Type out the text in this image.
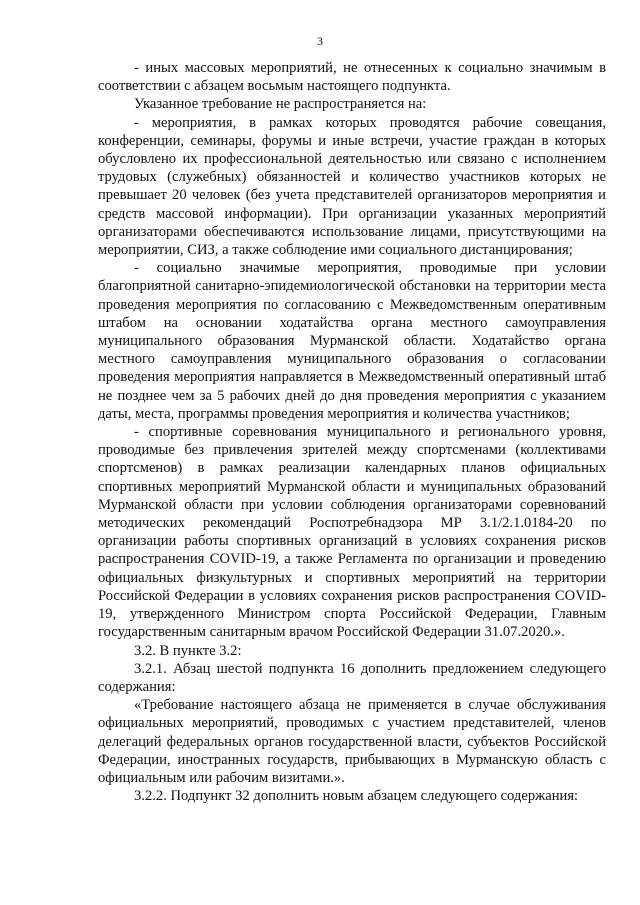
3

- иных массовых мероприятий, не отнесенных к социально значимым в соответствии с абзацем восьмым настоящего подпункта.

Указанное требование не распространяется на:

- мероприятия, в рамках которых проводятся рабочие совещания, конференции, семинары, форумы и иные встречи, участие граждан в которых обусловлено их профессиональной деятельностью или связано с исполнением трудовых (служебных) обязанностей и количество участников которых не превышает 20 человек (без учета представителей организаторов мероприятия и средств массовой информации). При организации указанных мероприятий организаторами обеспечиваются использование лицами, присутствующими на мероприятии, СИЗ, а также соблюдение ими социального дистанцирования;

- социально значимые мероприятия, проводимые при условии благоприятной санитарно-эпидемиологической обстановки на территории места проведения мероприятия по согласованию с Межведомственным оперативным штабом на основании ходатайства органа местного самоуправления муниципального образования Мурманской области. Ходатайство органа местного самоуправления муниципального образования о согласовании проведения мероприятия направляется в Межведомственный оперативный штаб не позднее чем за 5 рабочих дней до дня проведения мероприятия с указанием даты, места, программы проведения мероприятия и количества участников;

- спортивные соревнования муниципального и регионального уровня, проводимые без привлечения зрителей между спортсменами (коллективами спортсменов) в рамках реализации календарных планов официальных спортивных мероприятий Мурманской области и муниципальных образований Мурманской области при условии соблюдения организаторами соревнований методических рекомендаций Роспотребнадзора МР 3.1/2.1.0184-20 по организации работы спортивных организаций в условиях сохранения рисков распространения COVID-19, а также Регламента по организации и проведению официальных физкультурных и спортивных мероприятий на территории Российской Федерации в условиях сохранения рисков распространения COVID-19, утвержденного Министром спорта Российской Федерации, Главным государственным санитарным врачом Российской Федерации 31.07.2020.».

3.2. В пункте 3.2:

3.2.1. Абзац шестой подпункта 16 дополнить предложением следующего содержания:

«Требование настоящего абзаца не применяется в случае обслуживания официальных мероприятий, проводимых с участием представителей, членов делегаций федеральных органов государственной власти, субъектов Российской Федерации, иностранных государств, прибывающих в Мурманскую область с официальным или рабочим визитами.».

3.2.2. Подпункт 32 дополнить новым абзацем следующего содержания:
